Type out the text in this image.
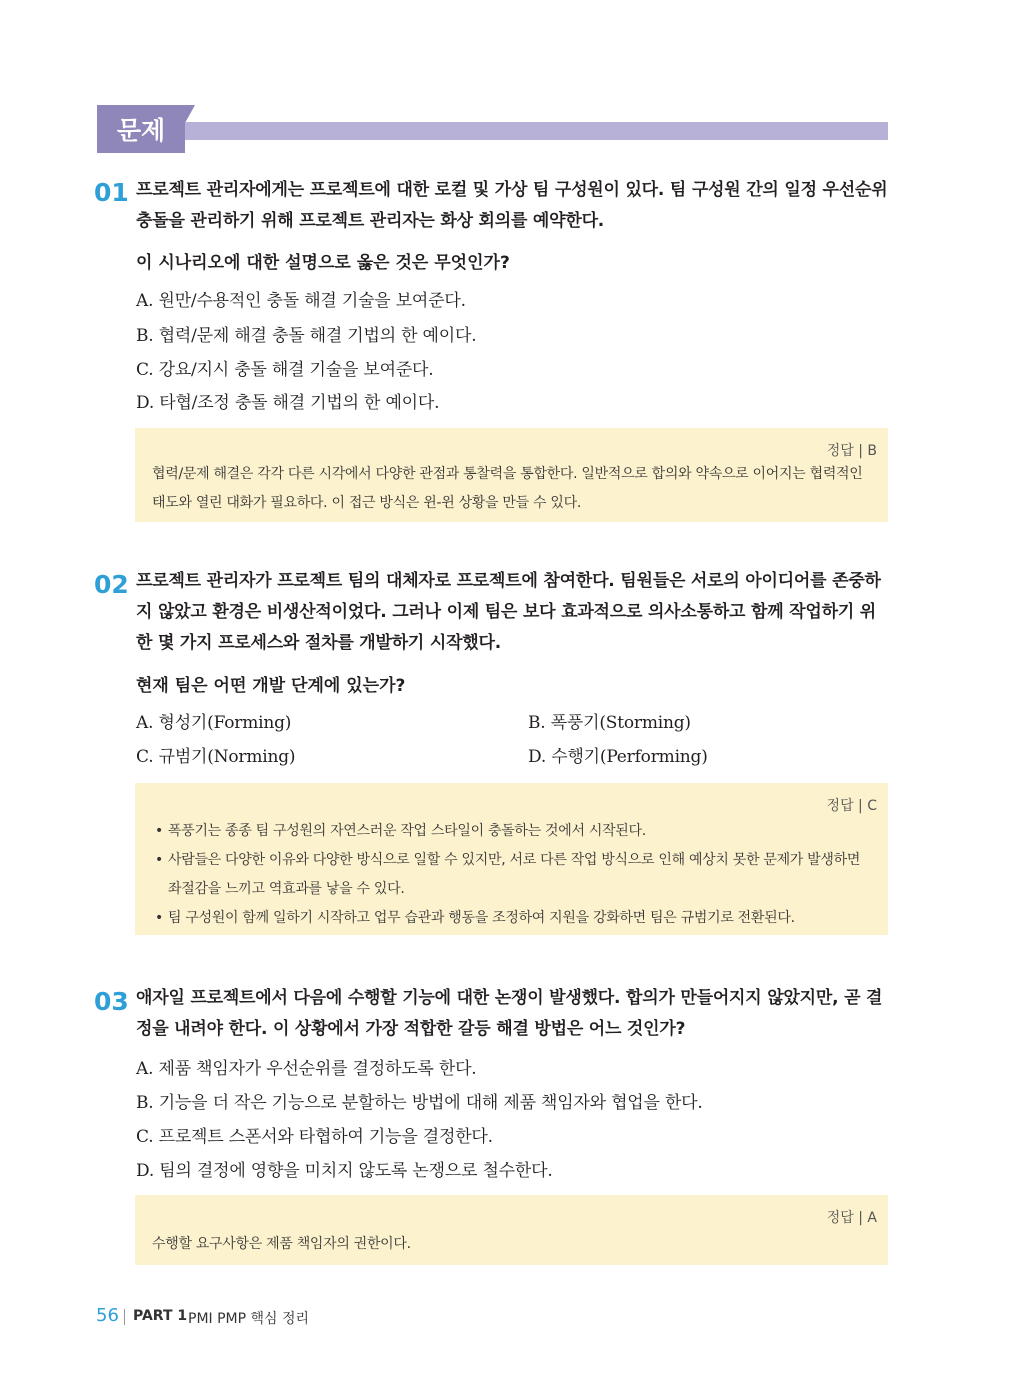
문제
01 프로젝트 관리자에게는 프로젝트에 대한 로컬 및 가상 팀 구성원이 있다. 팀 구성원 간의 일정 우선순위 충돌을 관리하기 위해 프로젝트 관리자는 화상 회의를 예약한다.
이 시나리오에 대한 설명으로 옳은 것은 무엇인가?
A. 원만/수용적인 충돌 해결 기술을 보여준다.
B. 협력/문제 해결 충돌 해결 기법의 한 예이다.
C. 강요/지시 충돌 해결 기술을 보여준다.
D. 타협/조정 충돌 해결 기법의 한 예이다.
정답 | B
협력/문제 해결은 각각 다른 시각에서 다양한 관점과 통찰력을 통합한다. 일반적으로 합의와 약속으로 이어지는 협력적인 태도와 열린 대화가 필요하다. 이 접근 방식은 윈-윈 상황을 만들 수 있다.
02 프로젝트 관리자가 프로젝트 팀의 대체자로 프로젝트에 참여한다. 팀원들은 서로의 아이디어를 존중하지 않았고 환경은 비생산적이었다. 그러나 이제 팀은 보다 효과적으로 의사소통하고 함께 작업하기 위한 몇 가지 프로세스와 절차를 개발하기 시작했다.
현재 팀은 어떤 개발 단계에 있는가?
A. 형성기(Forming)	B. 폭풍기(Storming)
C. 규범기(Norming)	D. 수행기(Performing)
정답 | C
• 폭풍기는 종종 팀 구성원의 자연스러운 작업 스타일이 충돌하는 것에서 시작된다.
• 사람들은 다양한 이유와 다양한 방식으로 일할 수 있지만, 서로 다른 작업 방식으로 인해 예상치 못한 문제가 발생하면 좌절감을 느끼고 역효과를 낳을 수 있다.
• 팀 구성원이 함께 일하기 시작하고 업무 습관과 행동을 조정하여 지원을 강화하면 팀은 규범기로 전환된다.
03 애자일 프로젝트에서 다음에 수행할 기능에 대한 논쟁이 발생했다. 합의가 만들어지지 않았지만, 곧 결정을 내려야 한다. 이 상황에서 가장 적합한 갈등 해결 방법은 어느 것인가?
A. 제품 책임자가 우선순위를 결정하도록 한다.
B. 기능을 더 작은 기능으로 분할하는 방법에 대해 제품 책임자와 협업을 한다.
C. 프로젝트 스폰서와 타협하여 기능을 결정한다.
D. 팀의 결정에 영향을 미치지 않도록 논쟁으로 철수한다.
정답 | A
수행할 요구사항은 제품 책임자의 권한이다.
56 PART 1 PMI PMP 핵심 정리
